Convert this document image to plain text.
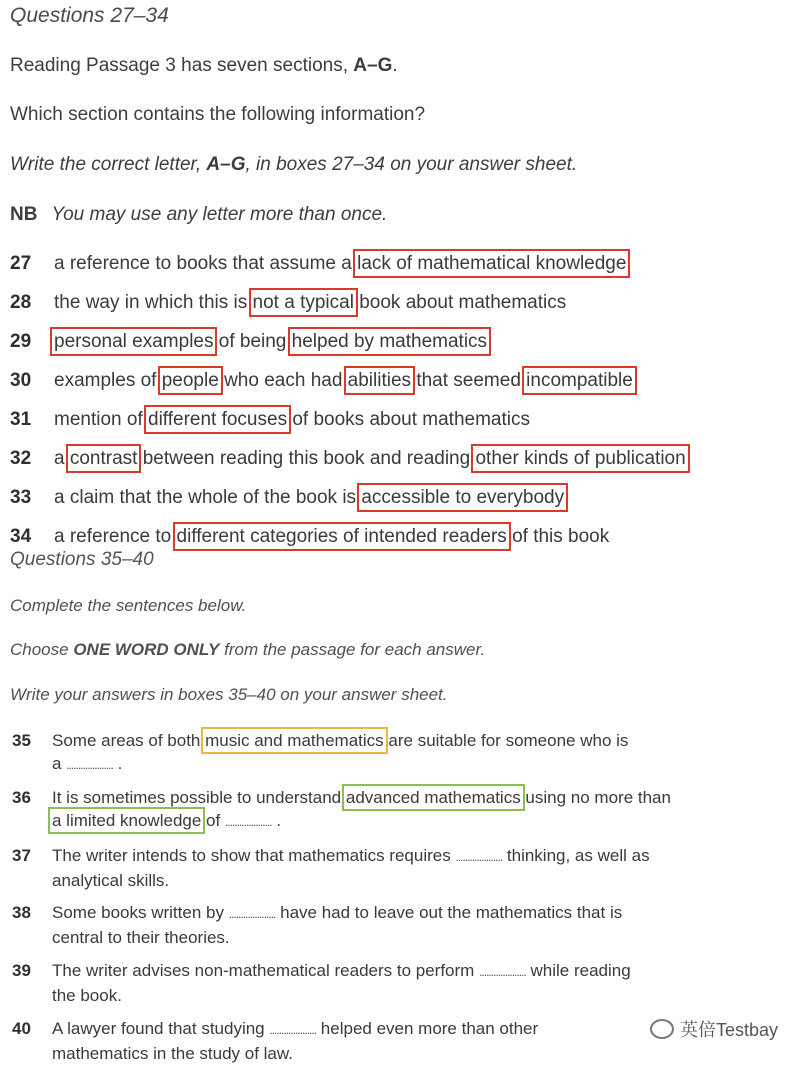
Questions 27–34
Reading Passage 3 has seven sections, A–G.
Which section contains the following information?
Write the correct letter, A–G, in boxes 27–34 on your answer sheet.
NB You may use any letter more than once.
27 a reference to books that assume a lack of mathematical knowledge
28 the way in which this is not a typical book about mathematics
29 personal examples of being helped by mathematics
30 examples of people who each had abilities that seemed incompatible
31 mention of different focuses of books about mathematics
32 a contrast between reading this book and reading other kinds of publication
33 a claim that the whole of the book is accessible to everybody
34 a reference to different categories of intended readers of this book
Questions 35–40
Complete the sentences below.
Choose ONE WORD ONLY from the passage for each answer.
Write your answers in boxes 35–40 on your answer sheet.
35 Some areas of both music and mathematics are suitable for someone who is
a .................... .
36 It is sometimes possible to understand advanced mathematics using no more than
a limited knowledge of .................... .
37 The writer intends to show that mathematics requires .................... thinking, as well as
analytical skills.
38 Some books written by .................... have had to leave out the mathematics that is
central to their theories.
39 The writer advises non-mathematical readers to perform .................... while reading
the book.
40 A lawyer found that studying .................... helped even more than other
mathematics in the study of law.
英倍Testbay
